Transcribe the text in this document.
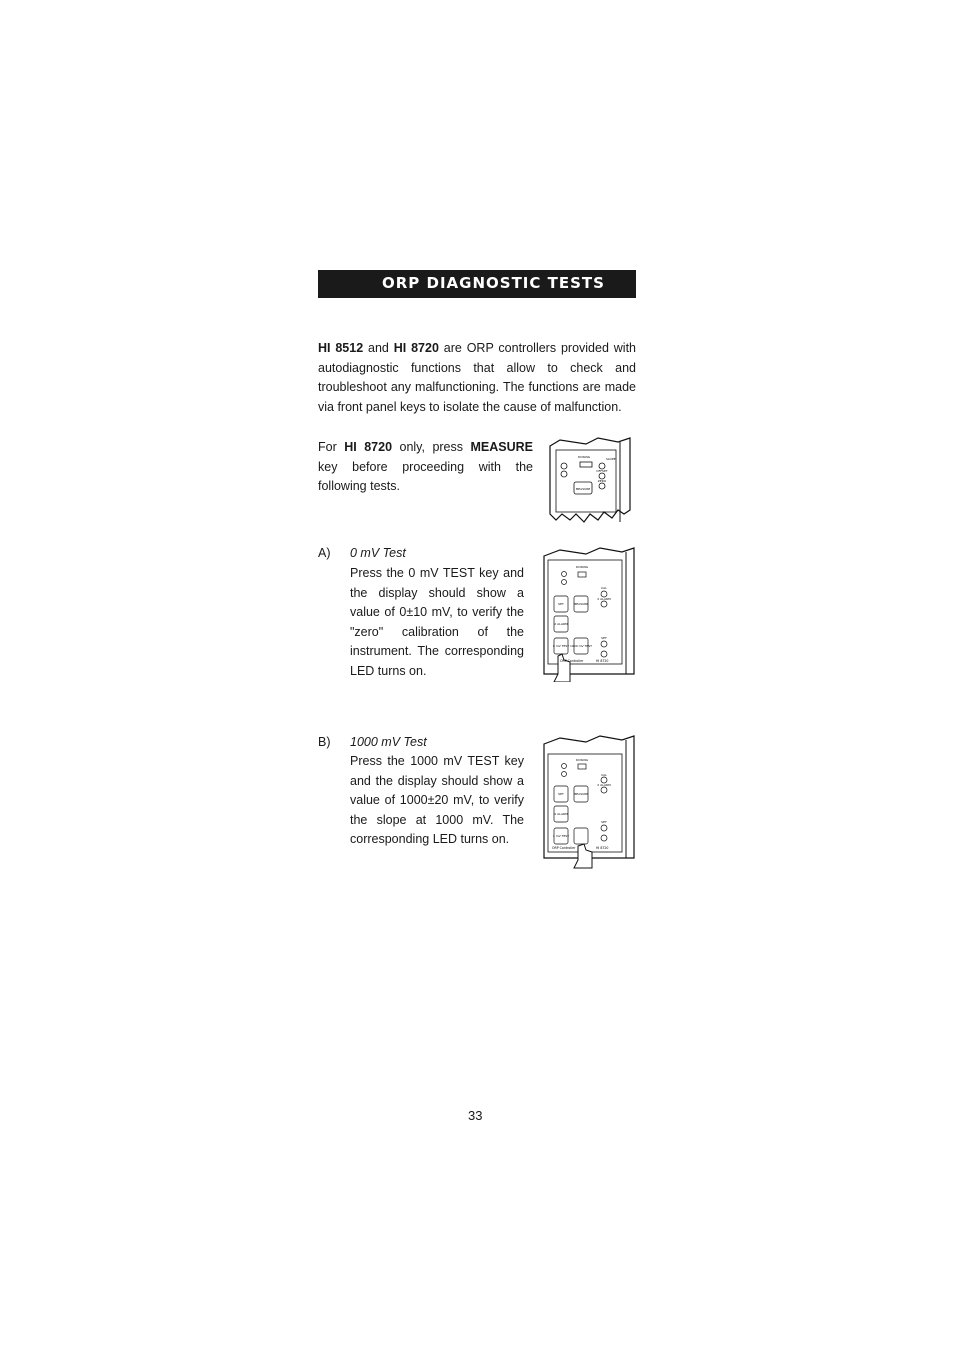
ORP DIAGNOSTIC TESTS
HI 8512 and HI 8720 are ORP controllers provided with autodiagnostic functions that allow to check and troubleshoot any malfunctioning. The functions are made via front panel keys to isolate the cause of malfunction.
For HI 8720 only, press MEASURE key before proceeding with the following tests.	MEASURE
DOSING	SLOPE
OFFSET
ZERO
A) 0 mV Test
Press the 0 mV TEST key and the display should show a value of 0±10 mV, to verify the "zero" calibration of the instrument. The corresponding LED turns on.
SET	MEASURE
2 ALARM
0 mV TEST 1000 mV TEST
DOSING
CAL
2 ALARM
SET
ORP Controller	HI 8720
B) 1000 mV Test
Press the 1000 mV TEST key and the display should show a value of 1000±20 mV, to verify the slope at 1000 mV. The corresponding LED turns on.
SET	MEASURE
2 ALARM
1 mV TEST
DOSING
CAL
2 ALARM
SET
ORP Controller	HI 8720
33
